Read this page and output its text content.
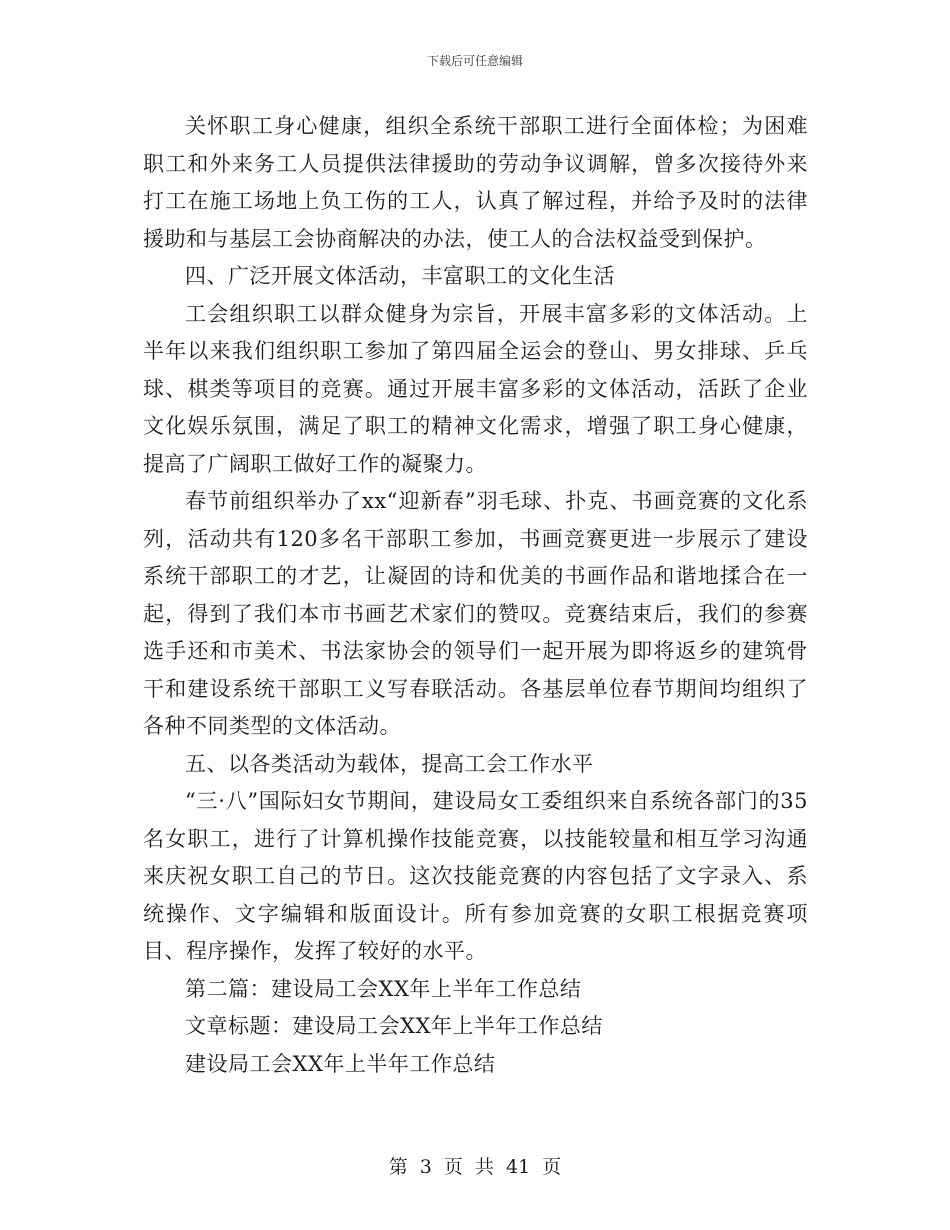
下载后可任意编辑

关怀职工身心健康，组织全系统干部职工进行全面体检；为困难职工和外来务工人员提供法律援助的劳动争议调解，曾多次接待外来打工在施工场地上负工伤的工人，认真了解过程，并给予及时的法律援助和与基层工会协商解决的办法，使工人的合法权益受到保护。

四、广泛开展文体活动，丰富职工的文化生活

工会组织职工以群众健身为宗旨，开展丰富多彩的文体活动。上半年以来我们组织职工参加了第四届全运会的登山、男女排球、乒乓球、棋类等项目的竞赛。通过开展丰富多彩的文体活动，活跃了企业文化娱乐氛围，满足了职工的精神文化需求，增强了职工身心健康，提高了广阔职工做好工作的凝聚力。

春节前组织举办了xx“迎新春”羽毛球、扑克、书画竞赛的文化系列，活动共有120多名干部职工参加，书画竞赛更进一步展示了建设系统干部职工的才艺，让凝固的诗和优美的书画作品和谐地揉合在一起，得到了我们本市书画艺术家们的赞叹。竞赛结束后，我们的参赛选手还和市美术、书法家协会的领导们一起开展为即将返乡的建筑骨干和建设系统干部职工义写春联活动。各基层单位春节期间均组织了各种不同类型的文体活动。

五、以各类活动为载体，提高工会工作水平

“三·八”国际妇女节期间，建设局女工委组织来自系统各部门的35名女职工，进行了计算机操作技能竞赛，以技能较量和相互学习沟通来庆祝女职工自己的节日。这次技能竞赛的内容包括了文字录入、系统操作、文字编辑和版面设计。所有参加竞赛的女职工根据竞赛项目、程序操作，发挥了较好的水平。

第二篇：建设局工会XX年上半年工作总结

文章标题：建设局工会XX年上半年工作总结

建设局工会XX年上半年工作总结

第 3 页 共 41 页
